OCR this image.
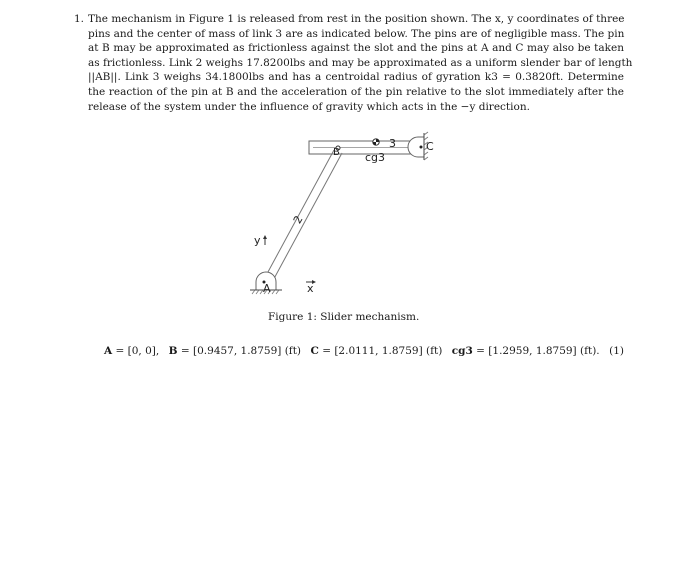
1. The mechanism in Figure 1 is released from rest in the position shown. The x, y coordinates of three
pins and the center of mass of link 3 are as indicated below. The pins are of negligible mass. The pin
at B may be approximated as frictionless against the slot and the pins at A and C may also be taken
as frictionless. Link 2 weighs 17.8200lbs and may be approximated as a uniform slender bar of length
||AB||. Link 3 weighs 34.1800lbs and has a centroidal radius of gyration k3 = 0.3820ft. Determine
the reaction of the pin at B and the acceleration of the pin relative to the slot immediately after the
release of the system under the influence of gravity which acts in the −y direction.
A
B	C
2
3
cg3
x
y
Figure 1: Slider mechanism.
A = [0, 0], B = [0.9457, 1.8759] (ft) C = [2.0111, 1.8759] (ft) cg3 = [1.2959, 1.8759] (ft). (1)
